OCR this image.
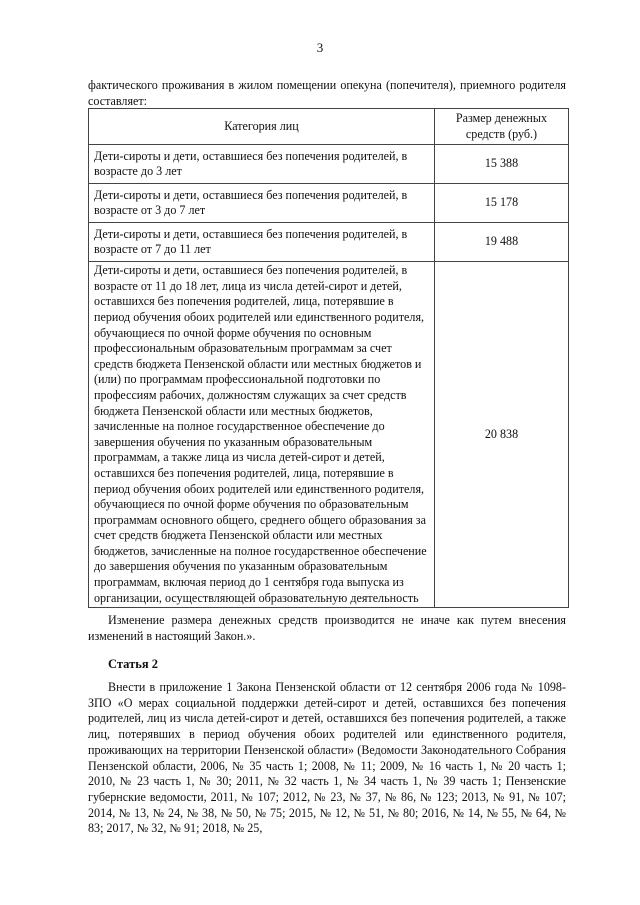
3
фактического проживания в жилом помещении опекуна (попечителя), приемного родителя составляет:
Категория лиц	Размер денежных средств (руб.)
Дети-сироты и дети, оставшиеся без попечения родителей, в возрасте до 3 лет	15 388
Дети-сироты и дети, оставшиеся без попечения родителей, в возрасте от 3 до 7 лет	15 178
Дети-сироты и дети, оставшиеся без попечения родителей, в возрасте от 7 до 11 лет	19 488
Дети-сироты и дети, оставшиеся без попечения родителей, в возрасте от 11 до 18 лет, лица из числа детей-сирот и детей, оставшихся без попечения родителей, лица, потерявшие в период обучения обоих родителей или единственного родителя, обучающиеся по очной форме обучения по основным профессиональным образовательным программам за счет средств бюджета Пензенской области или местных бюджетов и (или) по программам профессиональной подготовки по профессиям рабочих, должностям служащих за счет средств бюджета Пензенской области или местных бюджетов, зачисленные на полное государственное обеспечение до завершения обучения по указанным образовательным программам, а также лица из числа детей-сирот и детей, оставшихся без попечения родителей, лица, потерявшие в период обучения обоих родителей или единственного родителя, обучающиеся по очной форме обучения по образовательным программам основного общего, среднего общего образования за счет средств бюджета Пензенской области или местных бюджетов, зачисленные на полное государственное обеспечение до завершения обучения по указанным образовательным программам, включая период до 1 сентября года выпуска из организации, осуществляющей образовательную деятельность	20 838
Изменение размера денежных средств производится не иначе как путем внесения изменений в настоящий Закон.».
Статья 2
Внести в приложение 1 Закона Пензенской области от 12 сентября 2006 года № 1098-ЗПО «О мерах социальной поддержки детей-сирот и детей, оставшихся без попечения родителей, лиц из числа детей-сирот и детей, оставшихся без попечения родителей, а также лиц, потерявших в период обучения обоих родителей или единственного родителя, проживающих на территории Пензенской области» (Ведомости Законодательного Собрания Пензенской области, 2006, № 35 часть 1; 2008, № 11; 2009, № 16 часть 1, № 20 часть 1; 2010, № 23 часть 1, № 30; 2011, № 32 часть 1, № 34 часть 1, № 39 часть 1; Пензенские губернские ведомости, 2011, № 107; 2012, № 23, № 37, № 86, № 123; 2013, № 91, № 107; 2014, № 13, № 24, № 38, № 50, № 75; 2015, № 12, № 51, № 80; 2016, № 14, № 55, № 64, № 83; 2017, № 32, № 91; 2018, № 25,
